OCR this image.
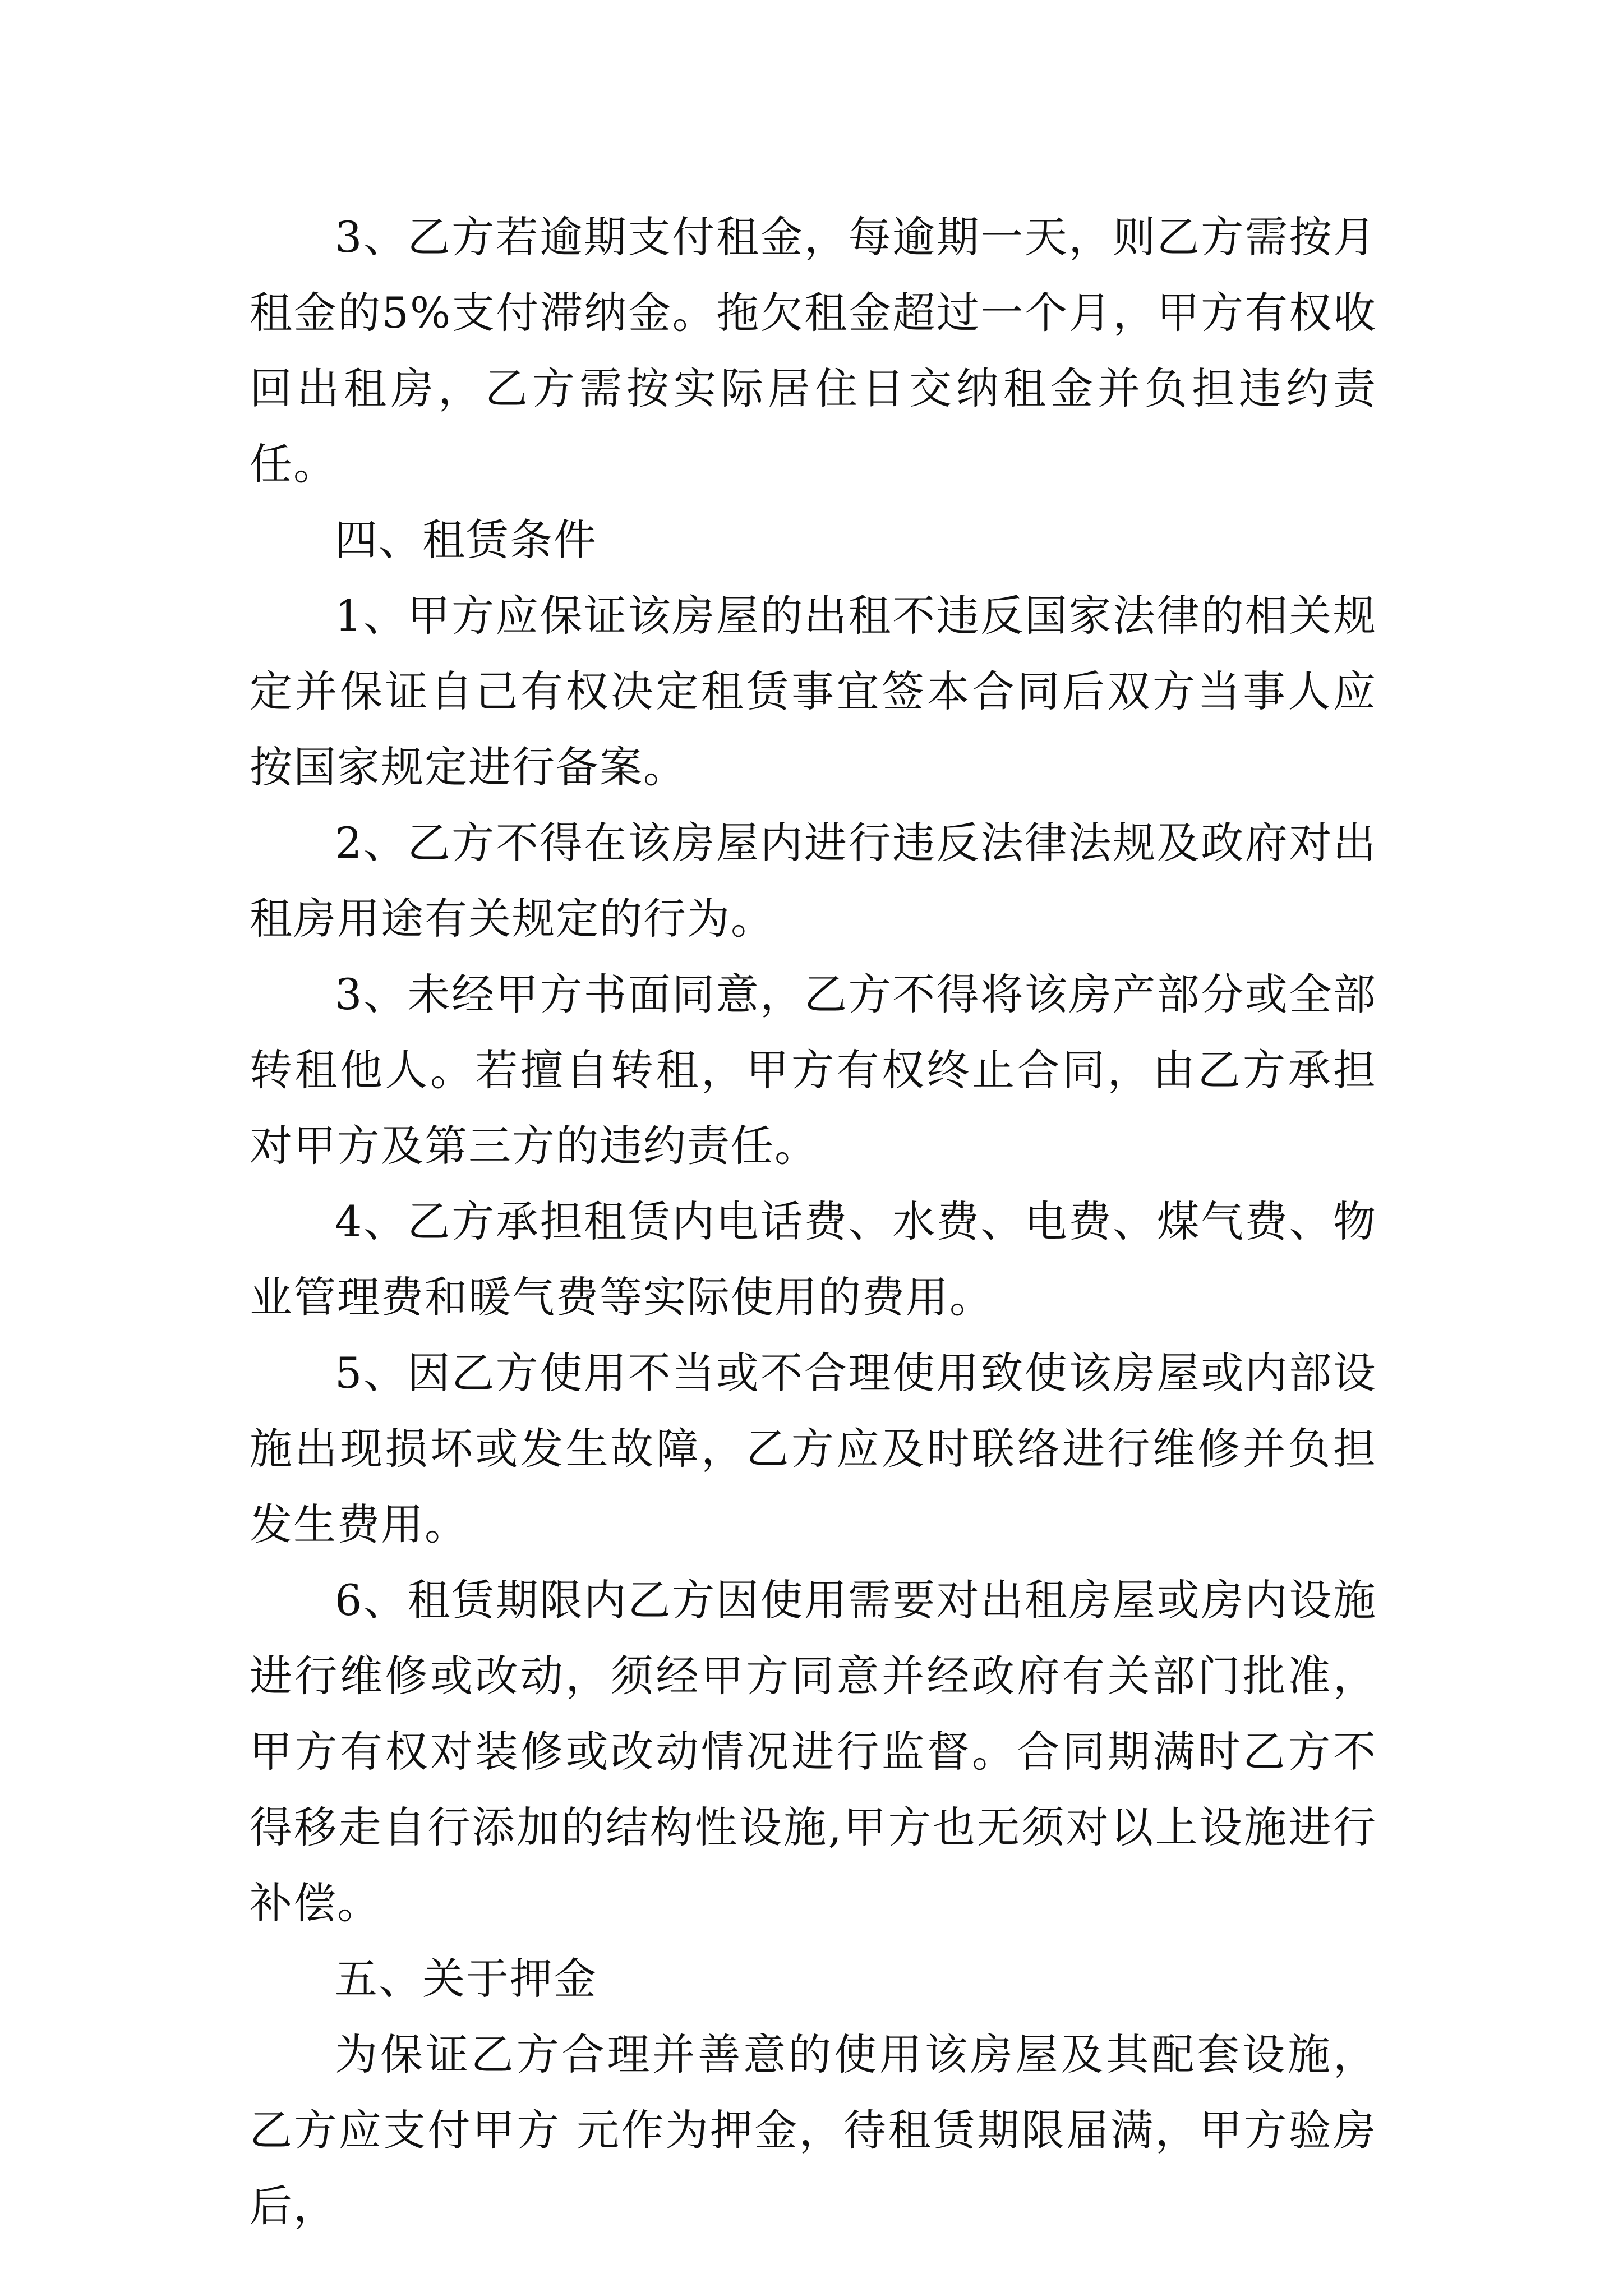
3、乙方若逾期支付租金，每逾期一天，则乙方需按月租金的5%支付滞纳金。拖欠租金超过一个月，甲方有权收回出租房，乙方需按实际居住日交纳租金并负担违约责任。

四、租赁条件

1、甲方应保证该房屋的出租不违反国家法律的相关规定并保证自己有权决定租赁事宜签本合同后双方当事人应按国家规定进行备案。

2、乙方不得在该房屋内进行违反法律法规及政府对出租房用途有关规定的行为。

3、未经甲方书面同意，乙方不得将该房产部分或全部转租他人。若擅自转租，甲方有权终止合同，由乙方承担对甲方及第三方的违约责任。

4、乙方承担租赁内电话费、水费、电费、煤气费、物业管理费和暖气费等实际使用的费用。

5、因乙方使用不当或不合理使用致使该房屋或内部设施出现损坏或发生故障，乙方应及时联络进行维修并负担发生费用。

6、租赁期限内乙方因使用需要对出租房屋或房内设施进行维修或改动，须经甲方同意并经政府有关部门批准，甲方有权对装修或改动情况进行监督。合同期满时乙方不得移走自行添加的结构性设施,甲方也无须对以上设施进行补偿。

五、关于押金

为保证乙方合理并善意的使用该房屋及其配套设施，乙方应支付甲方 元作为押金，待租赁期限届满，甲方验房后，
